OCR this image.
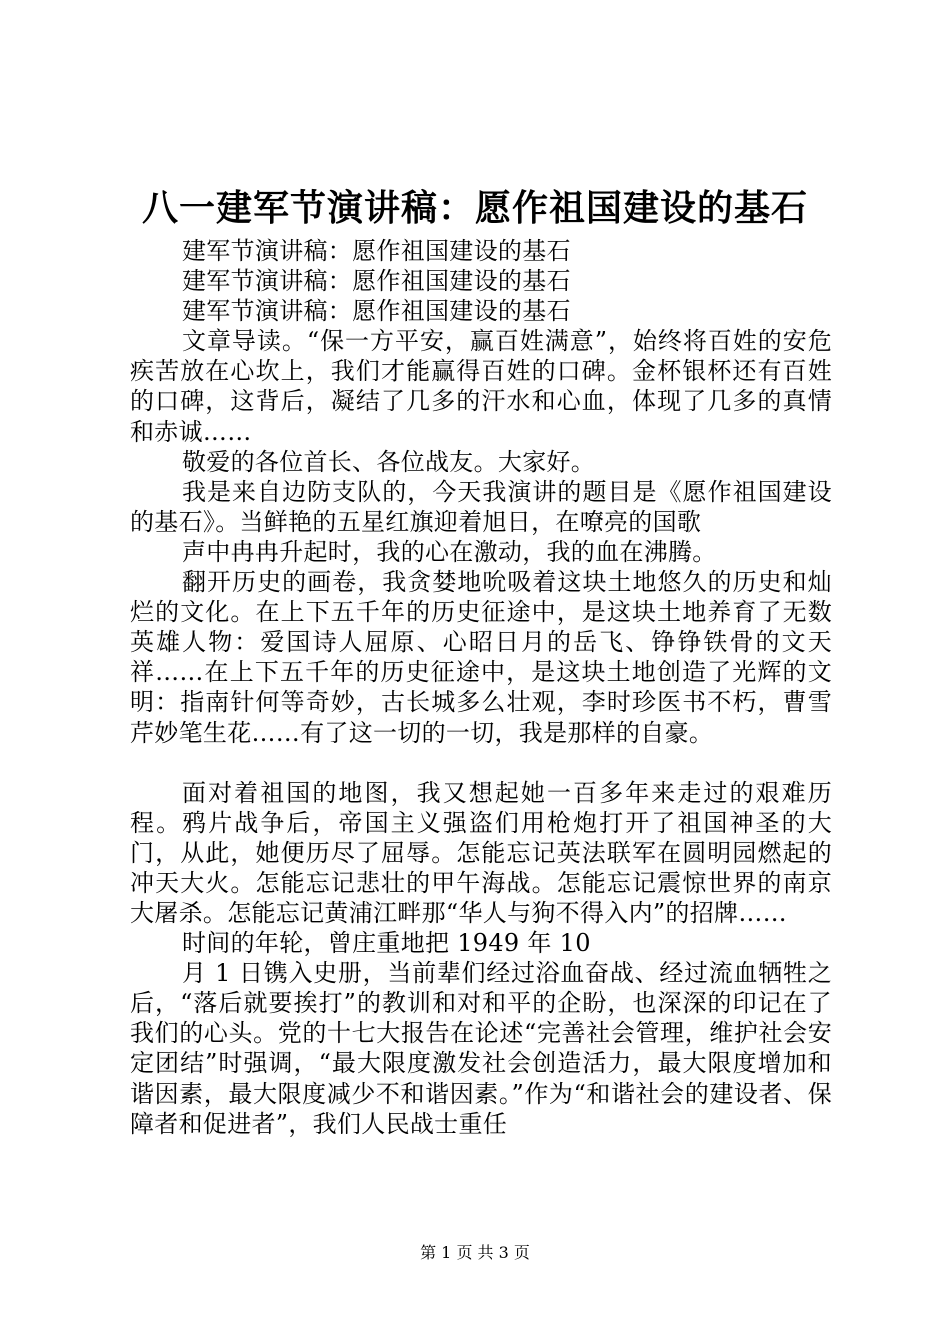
八一建军节演讲稿：愿作祖国建设的基石

建军节演讲稿：愿作祖国建设的基石

建军节演讲稿：愿作祖国建设的基石

建军节演讲稿：愿作祖国建设的基石

文章导读。“保一方平安，赢百姓满意”，始终将百姓的安危疾苦放在心坎上，我们才能赢得百姓的口碑。金杯银杯还有百姓的口碑，这背后，凝结了几多的汗水和心血，体现了几多的真情和赤诚……

敬爱的各位首长、各位战友。大家好。

我是来自边防支队的，今天我演讲的题目是《愿作祖国建设的基石》。当鲜艳的五星红旗迎着旭日，在嘹亮的国歌

声中冉冉升起时，我的心在激动，我的血在沸腾。

翻开历史的画卷，我贪婪地吮吸着这块土地悠久的历史和灿烂的文化。在上下五千年的历史征途中，是这块土地养育了无数英雄人物：爱国诗人屈原、心昭日月的岳飞、铮铮铁骨的文天祥……在上下五千年的历史征途中，是这块土地创造了光辉的文明：指南针何等奇妙，古长城多么壮观，李时珍医书不朽，曹雪芹妙笔生花……有了这一切的一切，我是那样的自豪。

面对着祖国的地图，我又想起她一百多年来走过的艰难历程。鸦片战争后，帝国主义强盗们用枪炮打开了祖国神圣的大门，从此，她便历尽了屈辱。怎能忘记英法联军在圆明园燃起的冲天大火。怎能忘记悲壮的甲午海战。怎能忘记震惊世界的南京大屠杀。怎能忘记黄浦江畔那“华人与狗不得入内”的招牌……

时间的年轮，曾庄重地把 1949 年 10

月 1 日镌入史册，当前辈们经过浴血奋战、经过流血牺牲之后，“落后就要挨打”的教训和对和平的企盼，也深深的印记在了我们的心头。党的十七大报告在论述“完善社会管理，维护社会安定团结”时强调，“最大限度激发社会创造活力，最大限度增加和谐因素，最大限度减少不和谐因素。”作为“和谐社会的建设者、保障者和促进者”，我们人民战士重任

第 1 页 共 3 页
